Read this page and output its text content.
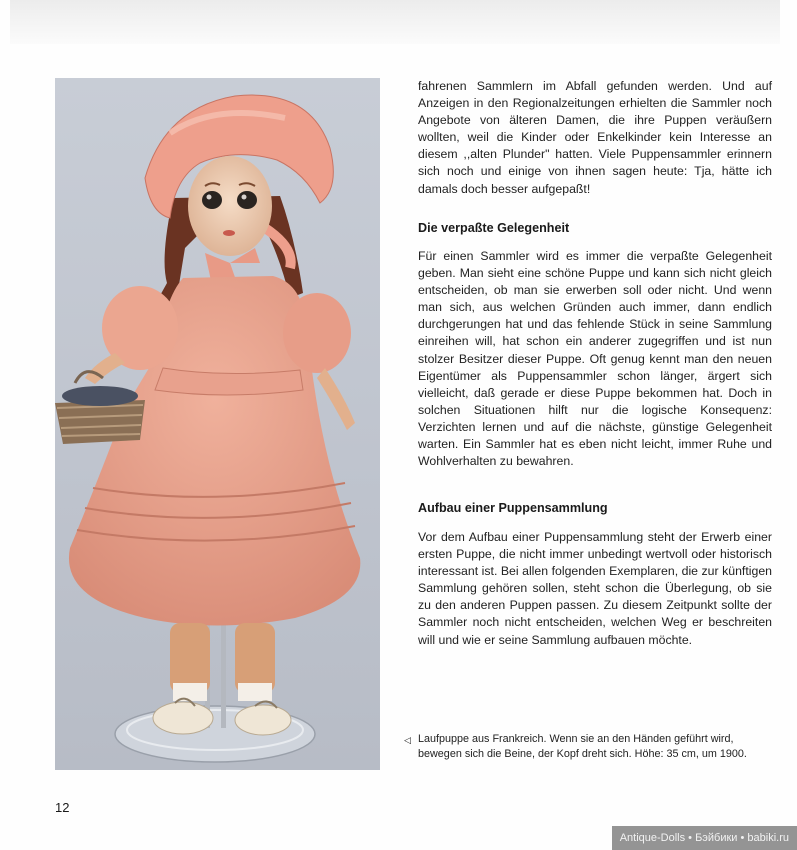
fahrenen Sammlern im Abfall gefunden werden. Und auf Anzeigen in den Regionalzeitungen erhielten die Sammler noch Angebote von älteren Damen, die ihre Puppen veräußern wollten, weil die Kinder oder Enkelkinder kein Interesse an diesem ,,alten Plunder" hatten. Viele Puppensammler erinnern sich noch und einige von ihnen sagen heute: Tja, hätte ich damals doch besser aufgepaßt!

Die verpaßte Gelegenheit

Für einen Sammler wird es immer die verpaßte Gelegenheit geben. Man sieht eine schöne Puppe und kann sich nicht gleich entscheiden, ob man sie erwerben soll oder nicht. Und wenn man sich, aus welchen Gründen auch immer, dann endlich durchgerungen hat und das fehlende Stück in seine Sammlung einreihen will, hat schon ein anderer zugegriffen und ist nun stolzer Besitzer dieser Puppe. Oft genug kennt man den neuen Eigentümer als Puppensammler schon länger, ärgert sich vielleicht, daß gerade er diese Puppe bekommen hat. Doch in solchen Situationen hilft nur die logische Konsequenz: Verzichten lernen und auf die nächste, günstige Gelegenheit warten. Ein Sammler hat es eben nicht leicht, immer Ruhe und Wohlverhalten zu bewahren.

Aufbau einer Puppensammlung

Vor dem Aufbau einer Puppensammlung steht der Erwerb einer ersten Puppe, die nicht immer unbedingt wertvoll oder historisch interessant ist. Bei allen folgenden Exemplaren, die zur künftigen Sammlung gehören sollen, steht schon die Überlegung, ob sie zu den anderen Puppen passen. Zu diesem Zeitpunkt sollte der Sammler noch nicht entscheiden, welchen Weg er beschreiten will und wie er seine Sammlung aufbauen möchte.

◁ Laufpuppe aus Frankreich. Wenn sie an den Händen geführt wird, bewegen sich die Beine, der Kopf dreht sich. Höhe: 35 cm, um 1900.
12
Antique-Dolls • Бэйбики • babiki.ru
